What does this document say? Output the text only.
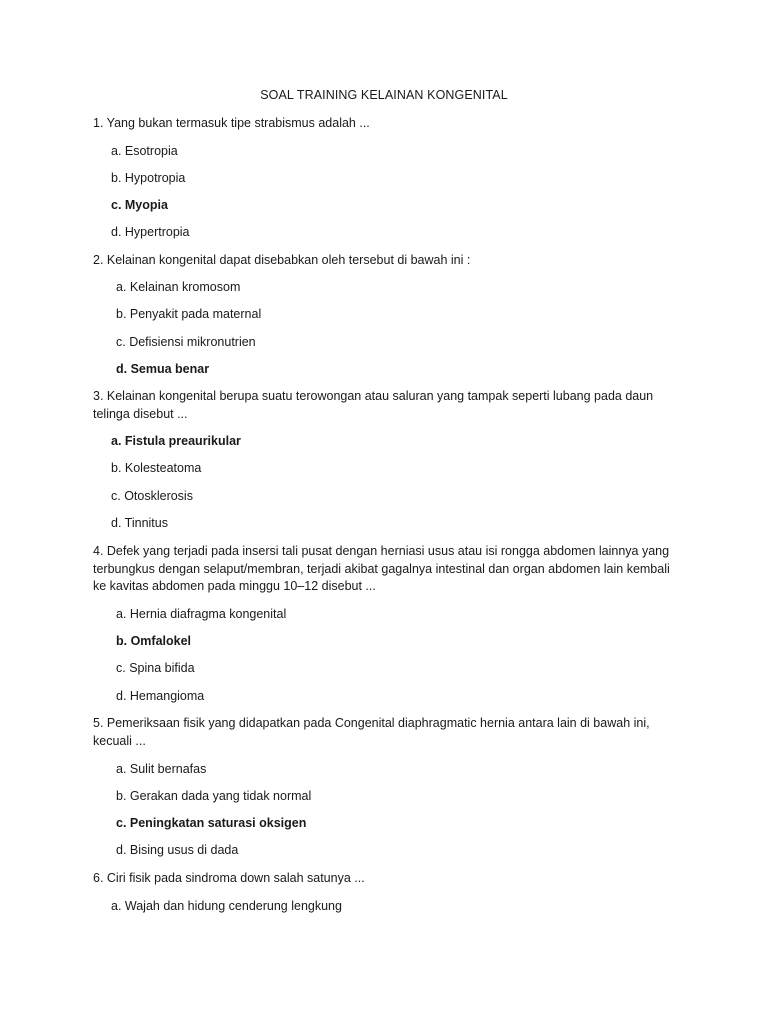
SOAL TRAINING KELAINAN KONGENITAL
1. Yang bukan termasuk tipe strabismus adalah ...
a. Esotropia
b. Hypotropia
c. Myopia
d. Hypertropia
2. Kelainan kongenital dapat disebabkan oleh tersebut di bawah ini :
a. Kelainan kromosom
b. Penyakit pada maternal
c. Defisiensi mikronutrien
d. Semua benar
3. Kelainan kongenital berupa suatu terowongan atau saluran yang tampak seperti lubang pada daun telinga disebut ...
a. Fistula preaurikular
b. Kolesteatoma
c. Otosklerosis
d. Tinnitus
4. Defek yang terjadi pada insersi tali pusat dengan herniasi usus atau isi rongga abdomen lainnya yang terbungkus dengan selaput/membran, terjadi akibat gagalnya intestinal dan organ abdomen lain kembali ke kavitas abdomen pada minggu 10–12 disebut ...
a. Hernia diafragma kongenital
b. Omfalokel
c. Spina bifida
d. Hemangioma
5. Pemeriksaan fisik yang didapatkan pada Congenital diaphragmatic hernia antara lain di bawah ini, kecuali ...
a. Sulit bernafas
b. Gerakan dada yang tidak normal
c. Peningkatan saturasi oksigen
d. Bising usus di dada
6. Ciri fisik pada sindroma down salah satunya ...
a. Wajah dan hidung cenderung lengkung
